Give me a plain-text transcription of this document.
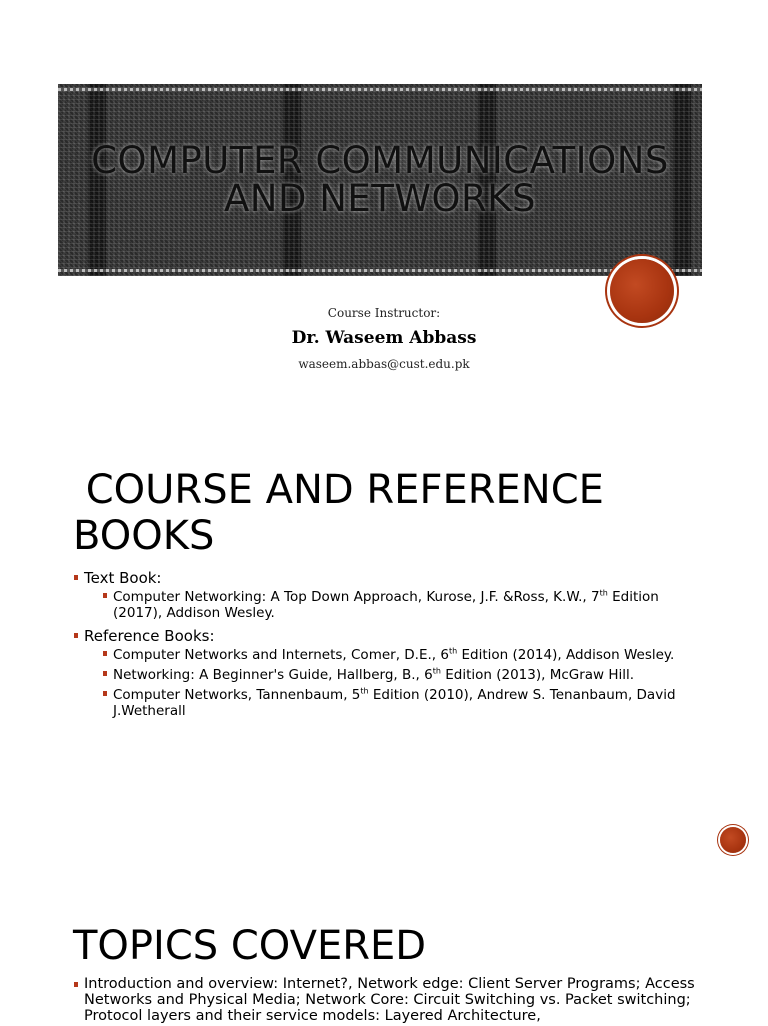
COMPUTER COMMUNICATIONS
AND NETWORKS
Course Instructor:
Dr. Waseem Abbass
waseem.abbas@cust.edu.pk
COURSE AND REFERENCE
BOOKS
Text Book:
Computer Networking: A Top Down Approach, Kurose, J.F. &Ross, K.W., 7th Edition (2017), Addison Wesley.
Reference Books:
Computer Networks and Internets, Comer, D.E., 6th Edition (2014), Addison Wesley.
Networking: A Beginner's Guide, Hallberg, B., 6th Edition (2013), McGraw Hill.
Computer Networks, Tannenbaum, 5th Edition (2010), Andrew S. Tenanbaum, David J.Wetherall
TOPICS COVERED
Introduction and overview: Internet?, Network edge: Client Server Programs; Access Networks and Physical Media; Network Core: Circuit Switching vs. Packet switching; Protocol layers and their service models: Layered Architecture,
